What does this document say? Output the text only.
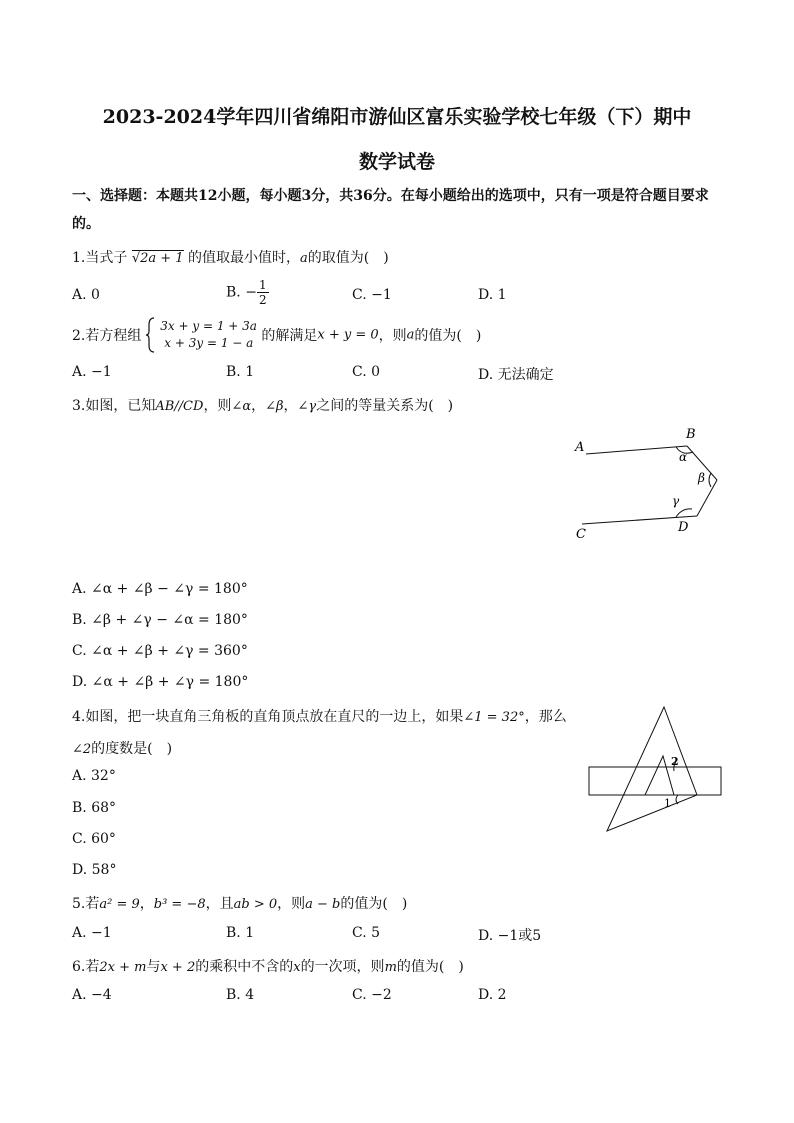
2023-2024学年四川省绵阳市游仙区富乐实验学校七年级（下）期中
数学试卷
一、选择题：本题共12小题，每小题3分，共36分。在每小题给出的选项中，只有一项是符合题目要求的。
1.当式子 √2a + 1 的值取最小值时，a的取值为(　)
A. 0	B. − $\frac{1}{2}$	C. −1	D. 1
2.若方程组
3x + y = 1 + 3a
x + 3y = 1 − a 的解满足x + y = 0，则a的值为(　)
A. −1	B. 1	C. 0	D. 无法确定
3.如图，已知AB//CD，则∠α，∠β，∠γ之间的等量关系为(　)
A
B
C	D
α
β
γ
A. ∠α + ∠β − ∠γ = 180°
B. ∠β + ∠γ − ∠α = 180°
C. ∠α + ∠β + ∠γ = 360°
D. ∠α + ∠β + ∠γ = 180°
4.如图，把一块直角三角板的直角顶点放在直尺的一边上，如果∠1 = 32°，那么
∠2的度数是(　)
A. 32°
B. 68°
C. 60°
D. 58°
2
1
5.若a² = 9，b³ = −8，且ab > 0，则a − b的值为(　)
A. −1	B. 1	C. 5	D. −1或5
6.若2x + m与x + 2的乘积中不含的x的一次项，则m的值为(　)
A. −4	B. 4	C. −2	D. 2
